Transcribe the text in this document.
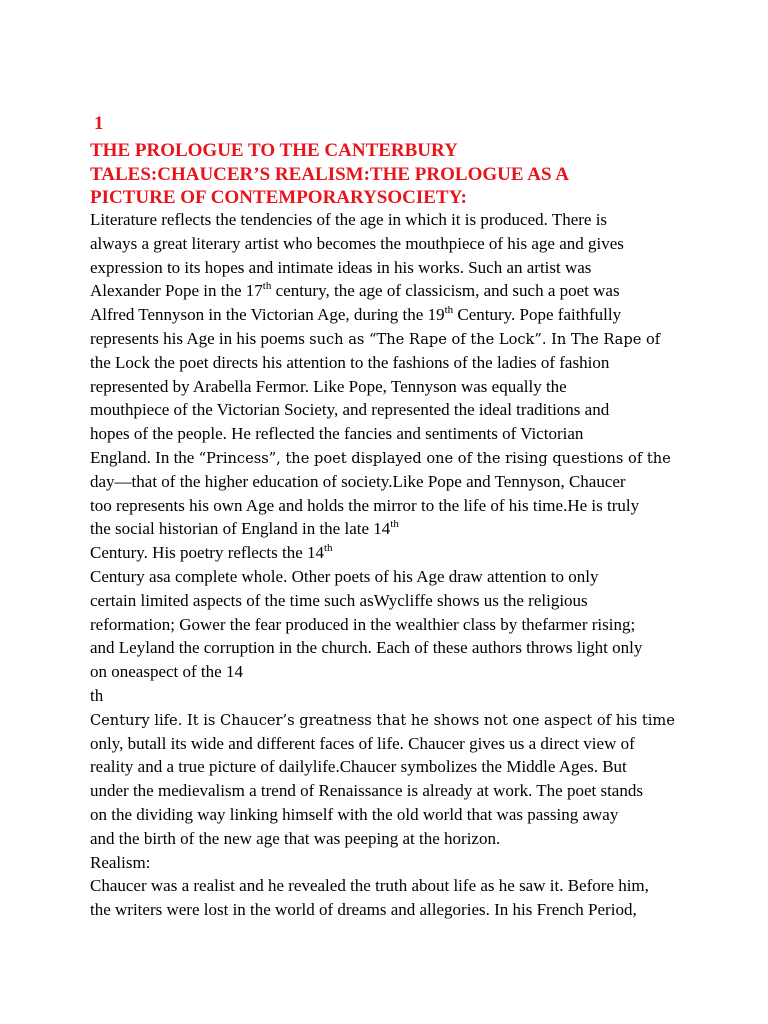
1
THE PROLOGUE TO THE CANTERBURY
TALES:CHAUCER’S REALISM:THE PROLOGUE AS A
PICTURE OF CONTEMPORARYSOCIETY:
Literature reflects the tendencies of the age in which it is produced. There is
always a great literary artist who becomes the mouthpiece of his age and gives
expression to its hopes and intimate ideas in his works. Such an artist was
Alexander Pope in the 17th century, the age of classicism, and such a poet was
Alfred Tennyson in the Victorian Age, during the 19th Century. Pope faithfully
represents his Age in his poems such as “The Rape of the Lock”. In The Rape of
the Lock the poet directs his attention to the fashions of the ladies of fashion
represented by Arabella Fermor. Like Pope, Tennyson was equally the
mouthpiece of the Victorian Society, and represented the ideal traditions and
hopes of the people. He reflected the fancies and sentiments of Victorian
England. In the “Princess”, the poet displayed one of the rising questions of the
day—that of the higher education of society.Like Pope and Tennyson, Chaucer
too represents his own Age and holds the mirror to the life of his time.He is truly
the social historian of England in the late 14th
Century. His poetry reflects the 14th
Century asa complete whole. Other poets of his Age draw attention to only
certain limited aspects of the time such asWycliffe shows us the religious
reformation; Gower the fear produced in the wealthier class by thefarmer rising;
and Leyland the corruption in the church. Each of these authors throws light only
on oneaspect of the 14
th
Century life. It is Chaucer’s greatness that he shows not one aspect of his time
only, butall its wide and different faces of life. Chaucer gives us a direct view of
reality and a true picture of dailylife.Chaucer symbolizes the Middle Ages. But
under the medievalism a trend of Renaissance is already at work. The poet stands
on the dividing way linking himself with the old world that was passing away
and the birth of the new age that was peeping at the horizon.
Realism:
Chaucer was a realist and he revealed the truth about life as he saw it. Before him,
the writers were lost in the world of dreams and allegories. In his French Period,
